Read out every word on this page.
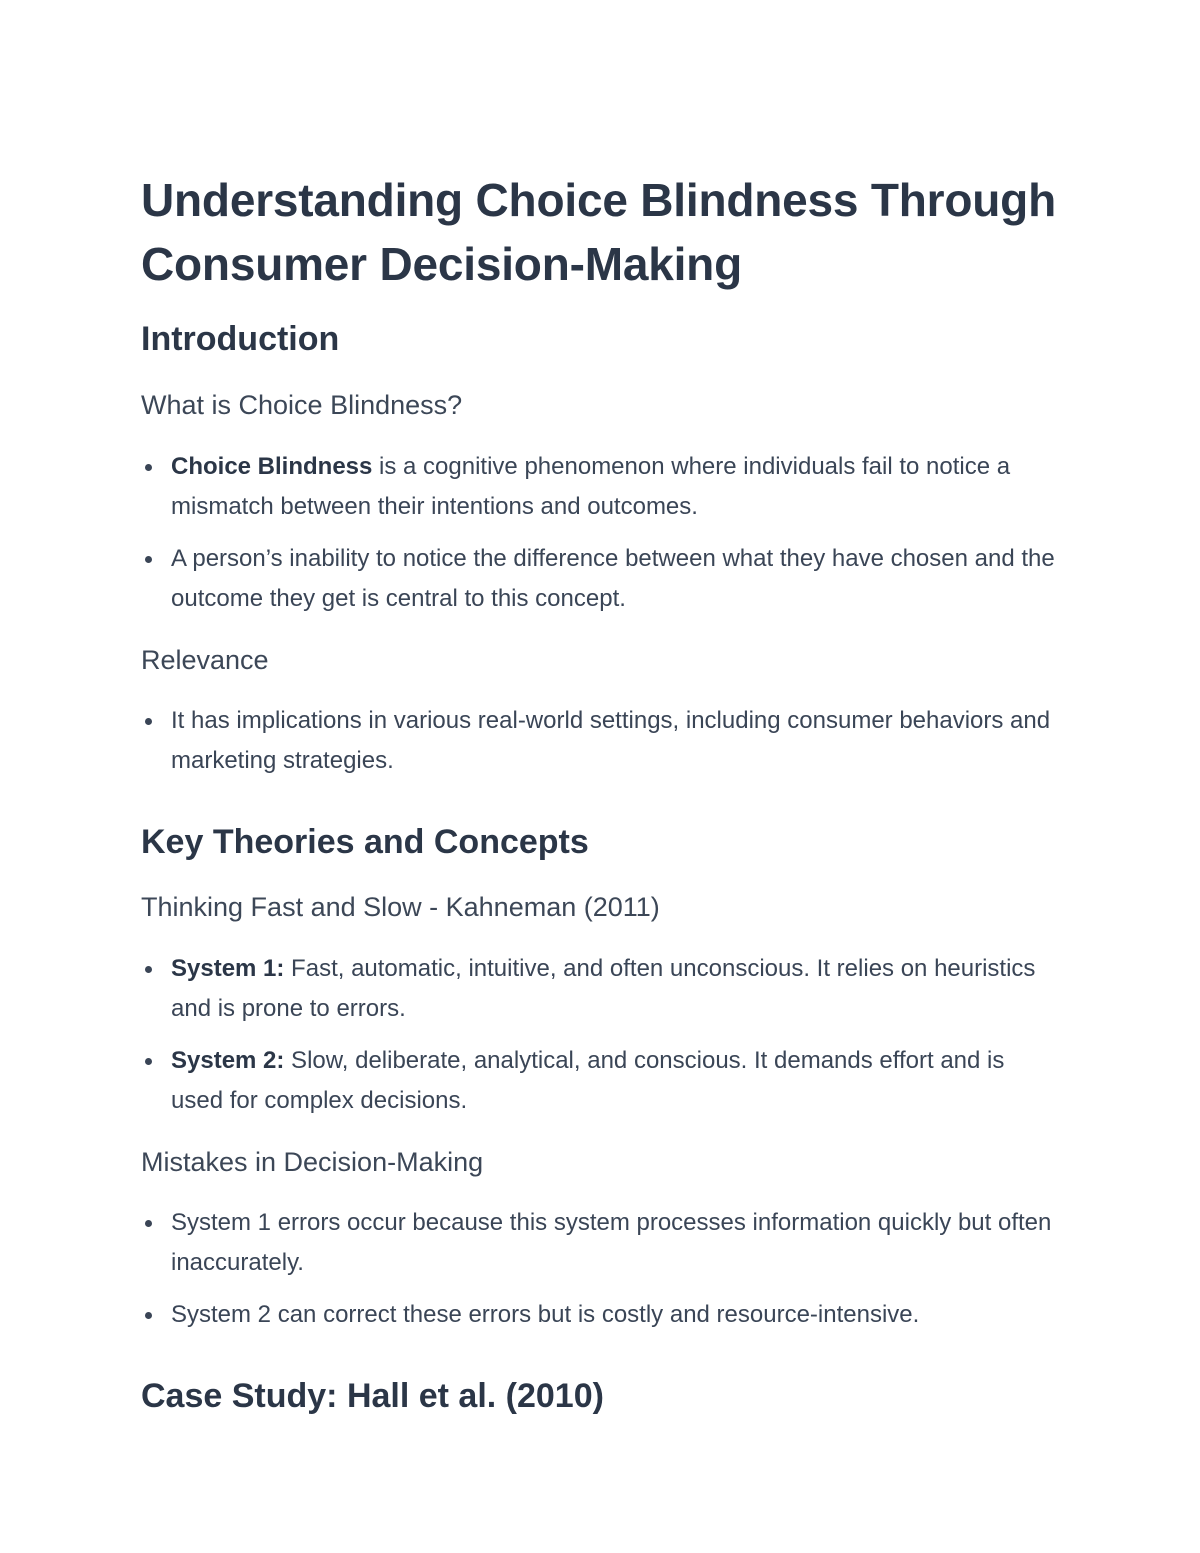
Understanding Choice Blindness Through Consumer Decision-Making
Introduction
What is Choice Blindness?
Choice Blindness is a cognitive phenomenon where individuals fail to notice a mismatch between their intentions and outcomes.
A person’s inability to notice the difference between what they have chosen and the outcome they get is central to this concept.
Relevance
It has implications in various real-world settings, including consumer behaviors and marketing strategies.
Key Theories and Concepts
Thinking Fast and Slow - Kahneman (2011)
System 1: Fast, automatic, intuitive, and often unconscious. It relies on heuristics and is prone to errors.
System 2: Slow, deliberate, analytical, and conscious. It demands effort and is used for complex decisions.
Mistakes in Decision-Making
System 1 errors occur because this system processes information quickly but often inaccurately.
System 2 can correct these errors but is costly and resource-intensive.
Case Study: Hall et al. (2010)
